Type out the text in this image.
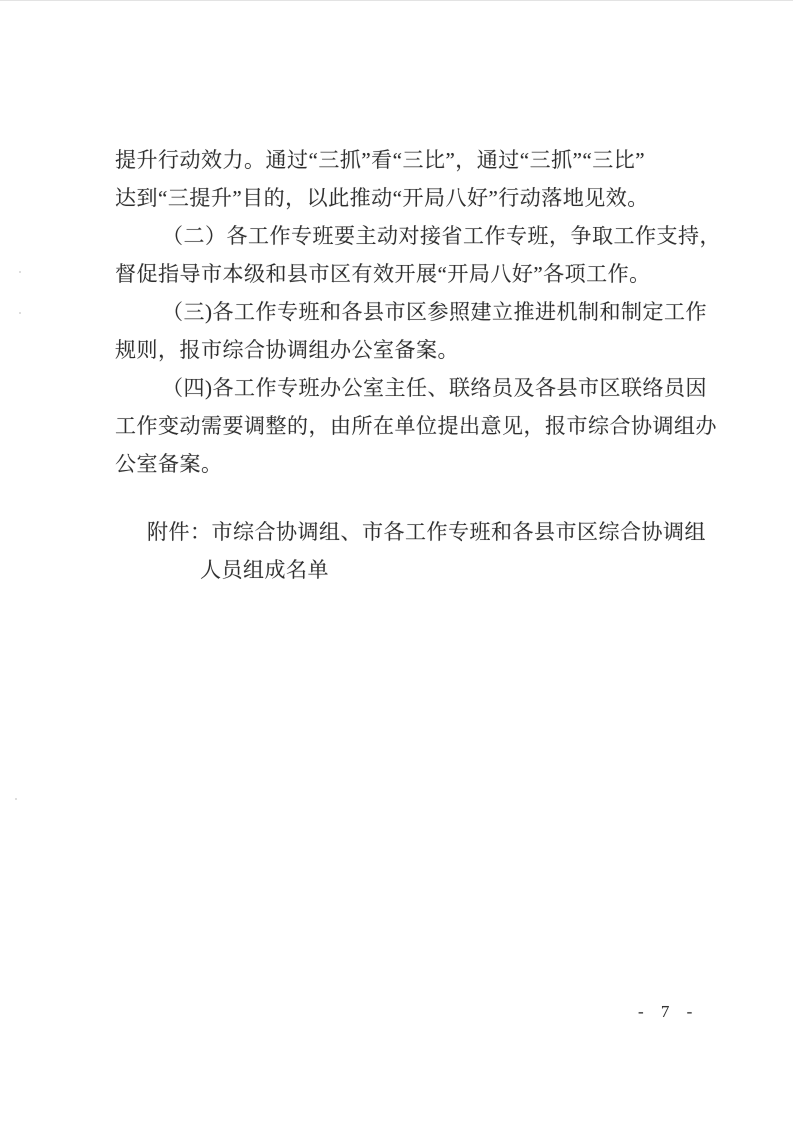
提升行动效力。通过“三抓”看“三比”，通过“三抓”“三比”
达到“三提升”目的，以此推动“开局八好”行动落地见效。
（二）各工作专班要主动对接省工作专班，争取工作支持，
督促指导市本级和县市区有效开展“开局八好”各项工作。
（三)各工作专班和各县市区参照建立推进机制和制定工作
规则，报市综合协调组办公室备案。
（四)各工作专班办公室主任、联络员及各县市区联络员因
工作变动需要调整的，由所在单位提出意见，报市综合协调组办
公室备案。
附件：市综合协调组、市各工作专班和各县市区综合协调组
人员组成名单
- 7 -
